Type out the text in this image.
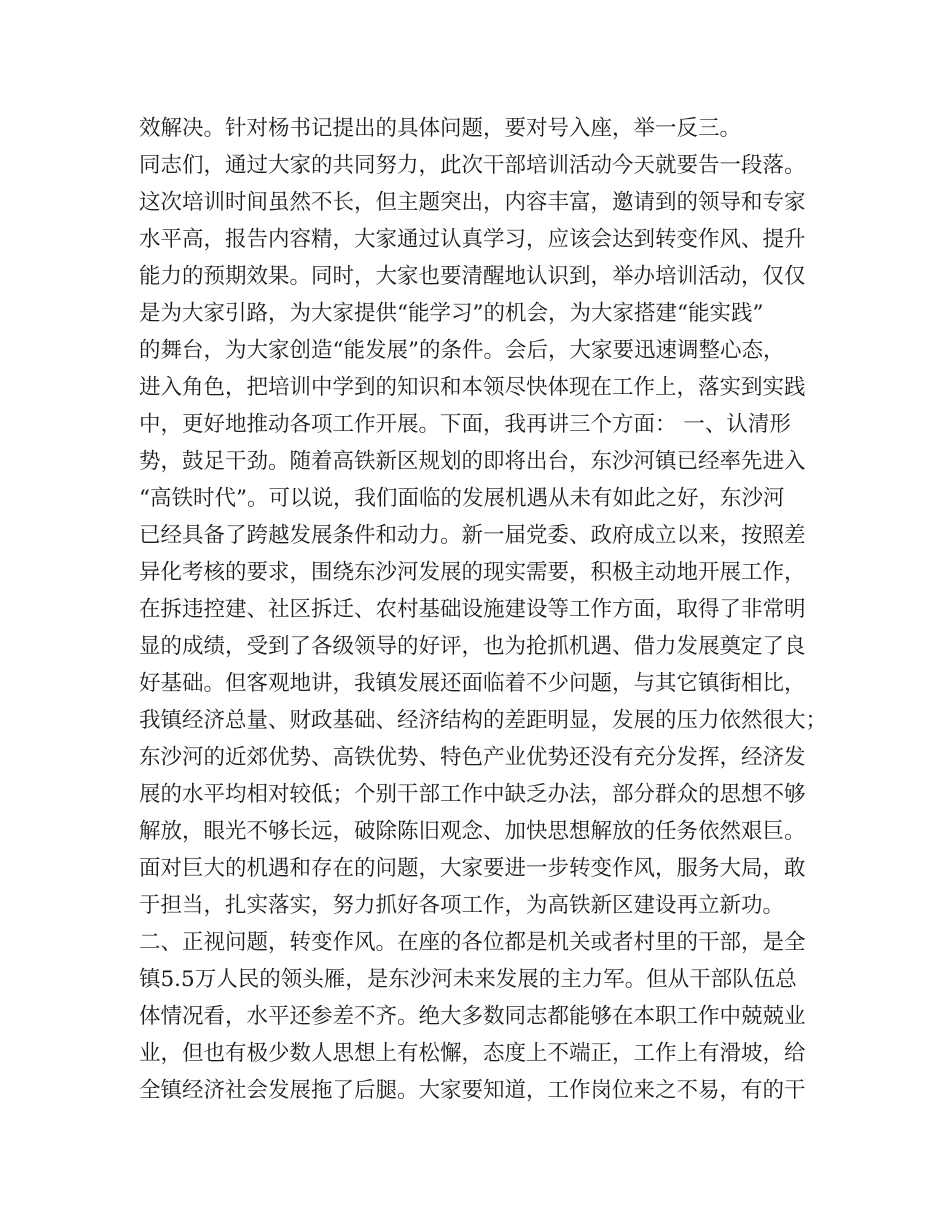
效解决。针对杨书记提出的具体问题，要对号入座，举一反三。
同志们，通过大家的共同努力，此次干部培训活动今天就要告一段落。
这次培训时间虽然不长，但主题突出，内容丰富，邀请到的领导和专家
水平高，报告内容精，大家通过认真学习，应该会达到转变作风、提升
能力的预期效果。同时，大家也要清醒地认识到，举办培训活动，仅仅
是为大家引路，为大家提供“能学习”的机会，为大家搭建“能实践”
的舞台，为大家创造“能发展”的条件。会后，大家要迅速调整心态，
进入角色，把培训中学到的知识和本领尽快体现在工作上，落实到实践
中，更好地推动各项工作开展。下面，我再讲三个方面： 一、认清形
势，鼓足干劲。随着高铁新区规划的即将出台，东沙河镇已经率先进入
“高铁时代”。可以说，我们面临的发展机遇从未有如此之好，东沙河
已经具备了跨越发展条件和动力。新一届党委、政府成立以来，按照差
异化考核的要求，围绕东沙河发展的现实需要，积极主动地开展工作，
在拆违控建、社区拆迁、农村基础设施建设等工作方面，取得了非常明
显的成绩，受到了各级领导的好评，也为抢抓机遇、借力发展奠定了良
好基础。但客观地讲，我镇发展还面临着不少问题，与其它镇街相比，
我镇经济总量、财政基础、经济结构的差距明显，发展的压力依然很大；
东沙河的近郊优势、高铁优势、特色产业优势还没有充分发挥，经济发
展的水平均相对较低；个别干部工作中缺乏办法，部分群众的思想不够
解放，眼光不够长远，破除陈旧观念、加快思想解放的任务依然艰巨。
面对巨大的机遇和存在的问题，大家要进一步转变作风，服务大局，敢
于担当，扎实落实，努力抓好各项工作，为高铁新区建设再立新功。
二、正视问题，转变作风。在座的各位都是机关或者村里的干部，是全
镇5.5万人民的领头雁，是东沙河未来发展的主力军。但从干部队伍总
体情况看，水平还参差不齐。绝大多数同志都能够在本职工作中兢兢业
业，但也有极少数人思想上有松懈，态度上不端正，工作上有滑坡，给
全镇经济社会发展拖了后腿。大家要知道，工作岗位来之不易，有的干
